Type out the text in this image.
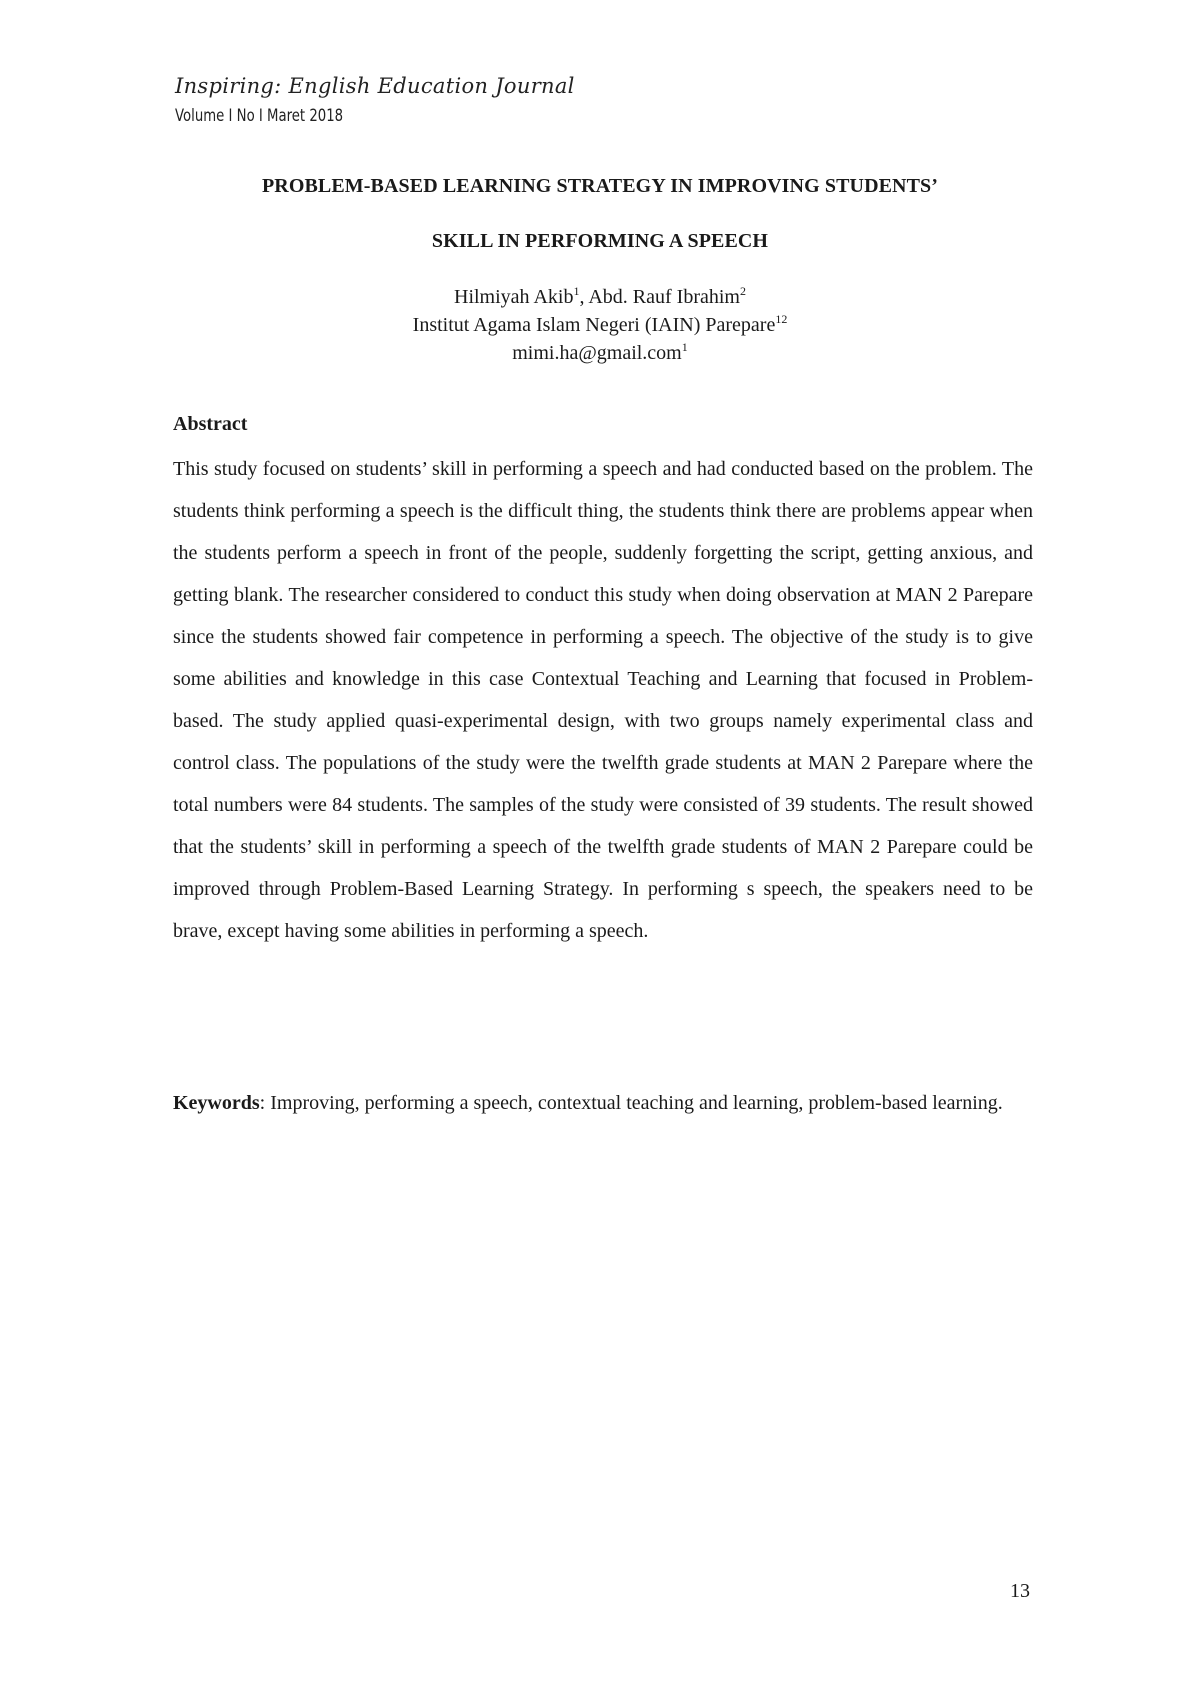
Inspiring: English Education Journal
Volume I No I Maret 2018
PROBLEM-BASED LEARNING STRATEGY IN IMPROVING STUDENTS’
SKILL IN PERFORMING A SPEECH
Hilmiyah Akib$^1$, Abd. Rauf Ibrahim$^2$
Institut Agama Islam Negeri (IAIN) Parepare$^{12}$
mimi.ha@gmail.com$^1$
Abstract

This study focused on students’ skill in performing a speech and had conducted based on the problem. The students think performing a speech is the difficult thing, the students think there are problems appear when the students perform a speech in front of the people, suddenly forgetting the script, getting anxious, and getting blank. The researcher considered to conduct this study when doing observation at MAN 2 Parepare since the students showed fair competence in performing a speech. The objective of the study is to give some abilities and knowledge in this case Contextual Teaching and Learning that focused in Problem-based. The study applied quasi-experimental design, with two groups namely experimental class and control class. The populations of the study were the twelfth grade students at MAN 2 Parepare where the total numbers were 84 students. The samples of the study were consisted of 39 students. The result showed that the students’ skill in performing a speech of the twelfth grade students of MAN 2 Parepare could be improved through Problem-Based Learning Strategy. In performing s speech, the speakers need to be brave, except having some abilities in performing a speech.

Keywords: Improving, performing a speech, contextual teaching and learning, problem-based learning.
13
